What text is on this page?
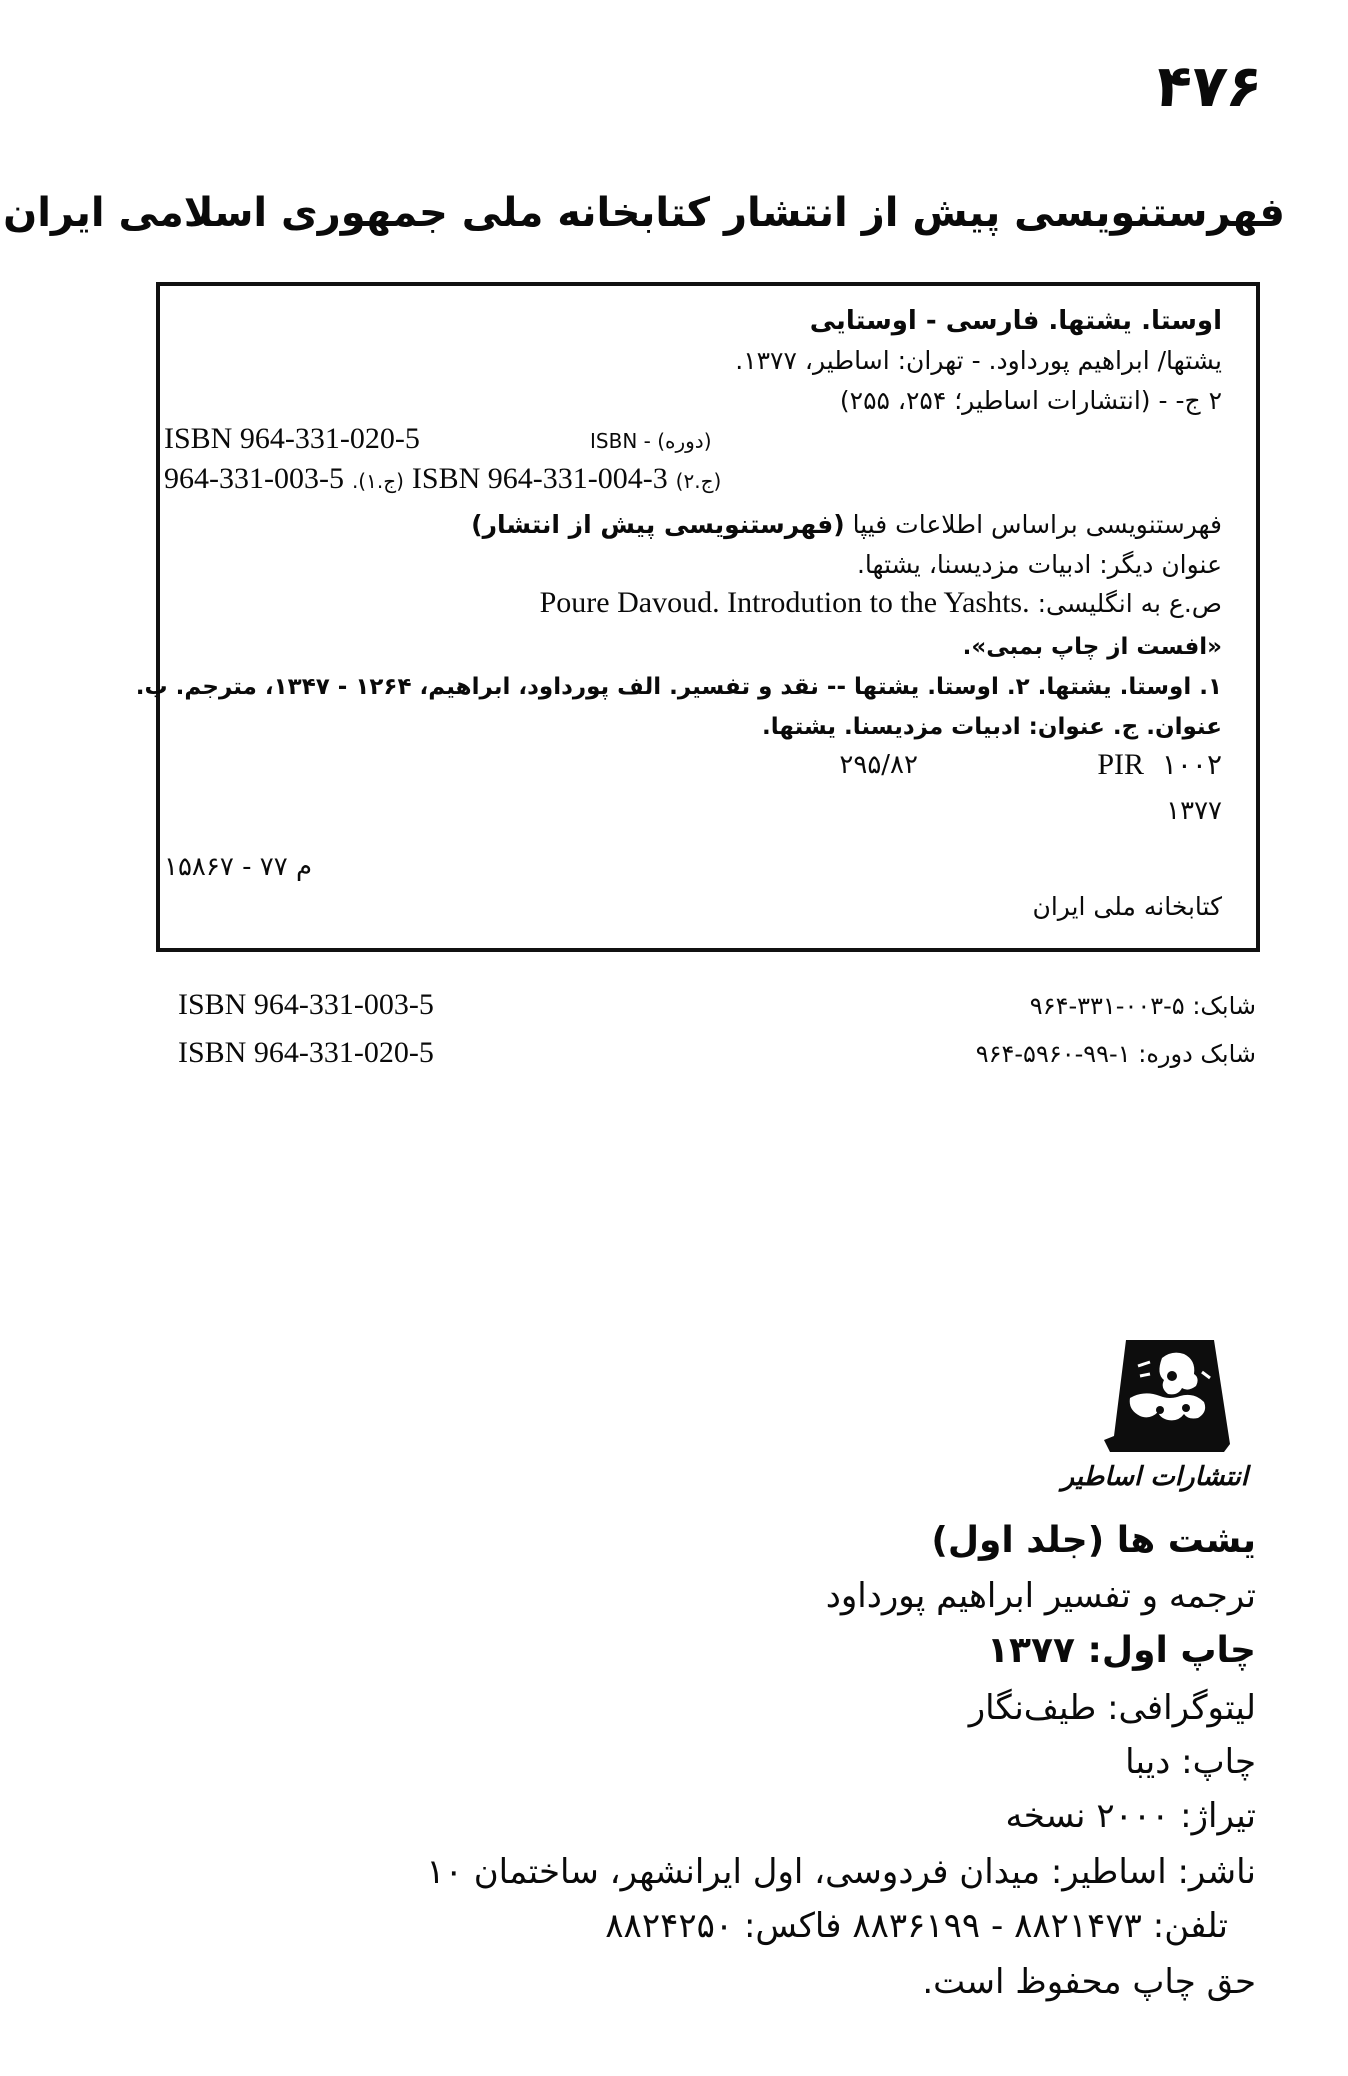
۴۷۶
فهرستنویسی پیش از انتشار کتابخانه ملی جمهوری اسلامی ایران
اوستا. یشتها. فارسی - اوستایی
یشتها/ ابراهیم پورداود. - تهران: اساطیر، ۱۳۷۷.
۲ ج- - (انتشارات اساطیر؛ ۲۵۴، ۲۵۵)
ISBN 964-331-020-5	(دوره) - ISBN
964-331-003-5 (ج.۱). ISBN 964-331-004-3 (ج.۲)
فهرستنویسی براساس اطلاعات فیپا (فهرستنویسی پیش از انتشار)
عنوان دیگر: ادبیات مزدیسنا، یشتها.
ص.ع به انگلیسی: Poure Davoud. Introdution to the Yashts.
«افست از چاپ بمبی».
۱. اوستا. یشتها. ۲. اوستا. یشتها -- نقد و تفسیر. الف پورداود، ابراهیم، ۱۲۶۴ - ۱۳۴۷، مترجم. ب.
عنوان. ج. عنوان: ادبیات مزدیسنا. یشتها.
PIR  ۱۰۰۲
۲۹۵/۸۲
۱۳۷۷
م ۷۷ - ۱۵۸۶۷
کتابخانه ملی ایران
ISBN 964-331-003-5	شابک: ۹۶۴-۳۳۱-۰۰۳-۵
ISBN 964-331-020-5	شابک دوره: ۹۶۴-۵۹۶۰-۹۹-۱
انتشارات اساطیر
یشت ها (جلد اول)
ترجمه و تفسیر ابراهیم پورداود
چاپ اول: ۱۳۷۷
لیتوگرافی: طیف‌نگار
چاپ: دیبا
تیراژ: ۲۰۰۰ نسخه
ناشر: اساطیر: میدان فردوسی، اول ایرانشهر، ساختمان ۱۰
تلفن: ۸۸۲۱۴۷۳ - ۸۸۳۶۱۹۹ فاکس: ۸۸۲۴۲۵۰
حق چاپ محفوظ است.
